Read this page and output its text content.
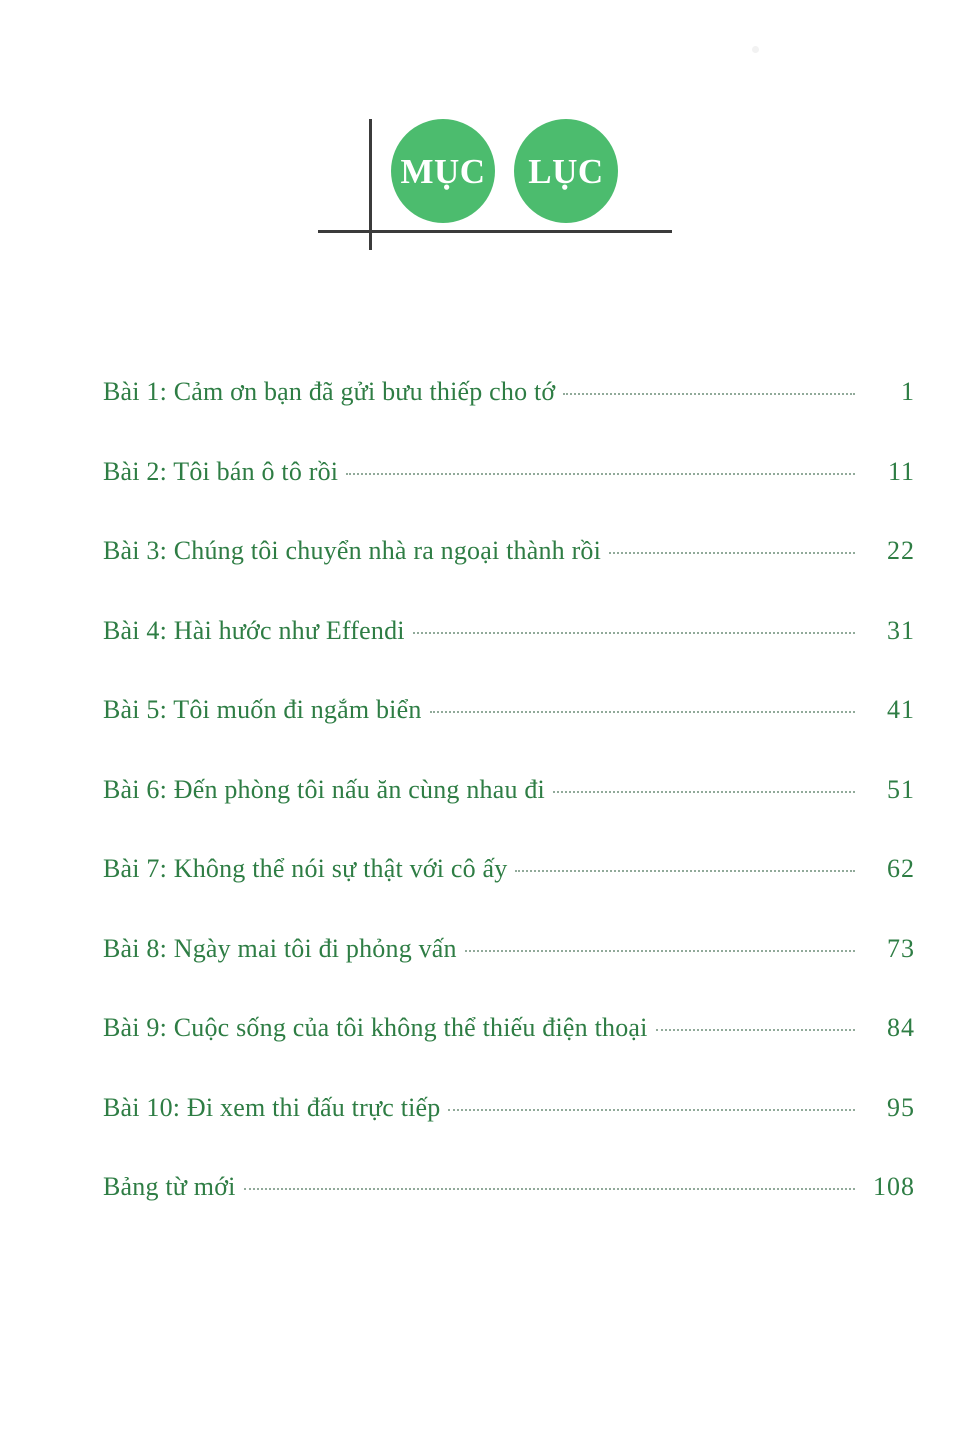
MỤC LỤC
Bài 1: Cảm ơn bạn đã gửi bưu thiếp cho tớ	1
Bài 2: Tôi bán ô tô rồi	11
Bài 3: Chúng tôi chuyển nhà ra ngoại thành rồi	22
Bài 4: Hài hước như Effendi	31
Bài 5: Tôi muốn đi ngắm biển	41
Bài 6: Đến phòng tôi nấu ăn cùng nhau đi	51
Bài 7: Không thể nói sự thật với cô ấy	62
Bài 8: Ngày mai tôi đi phỏng vấn	73
Bài 9: Cuộc sống của tôi không thể thiếu điện thoại	84
Bài 10: Đi xem thi đấu trực tiếp	95
Bảng từ mới	108
